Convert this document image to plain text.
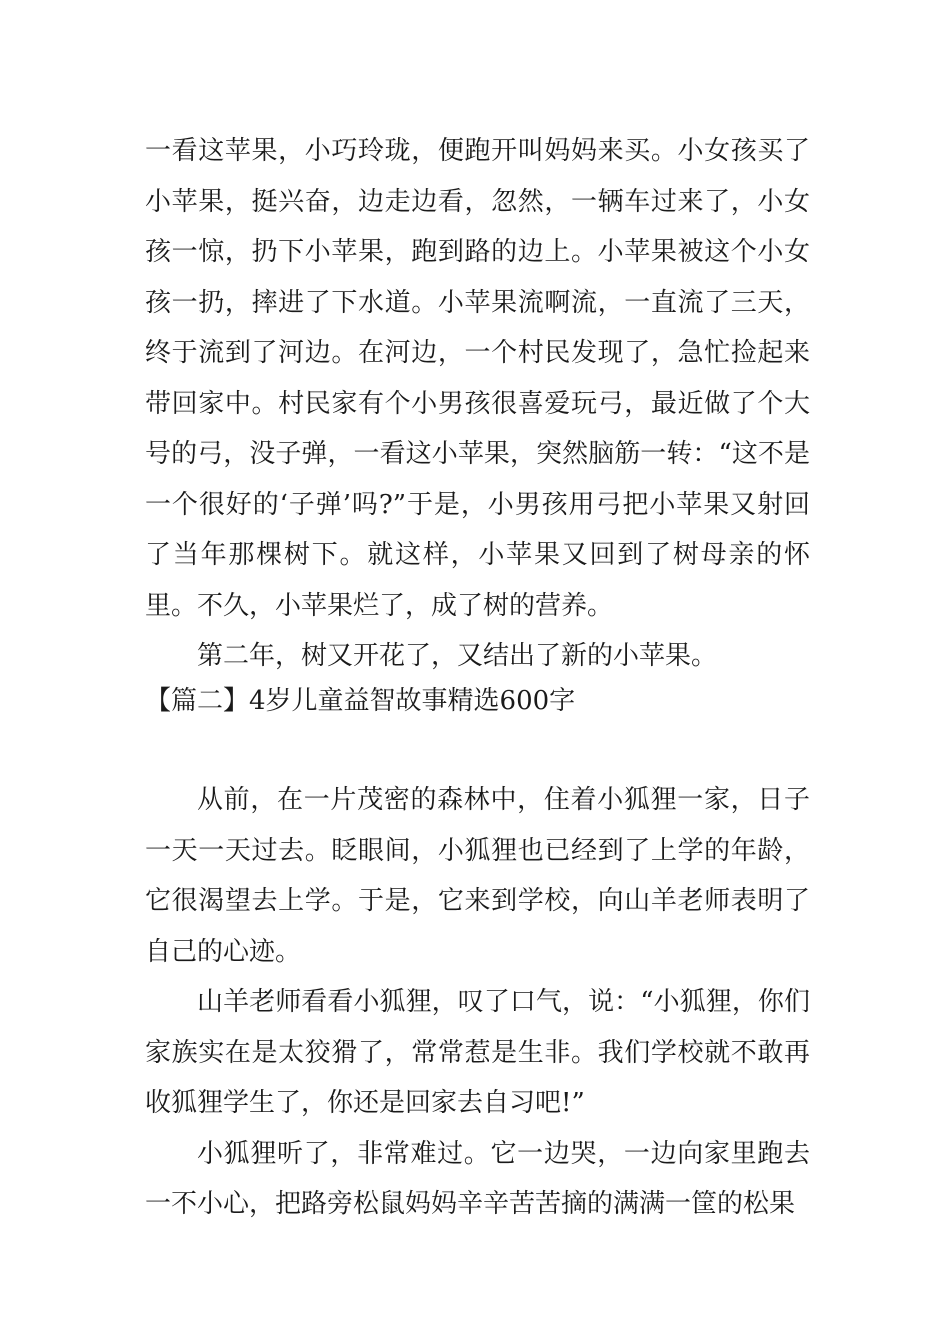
一看这苹果，小巧玲珑，便跑开叫妈妈来买。小女孩买了小苹果，挺兴奋，边走边看，忽然，一辆车过来了，小女孩一惊，扔下小苹果，跑到路的边上。小苹果被这个小女孩一扔，摔进了下水道。小苹果流啊流，一直流了三天，终于流到了河边。在河边，一个村民发现了，急忙捡起来带回家中。村民家有个小男孩很喜爱玩弓，最近做了个大号的弓，没子弹，一看这小苹果，突然脑筋一转：“这不是一个很好的‘子弹’吗?”于是，小男孩用弓把小苹果又射回了当年那棵树下。就这样，小苹果又回到了树母亲的怀里。不久，小苹果烂了，成了树的营养。

第二年，树又开花了，又结出了新的小苹果。

【篇二】4岁儿童益智故事精选600字

从前，在一片茂密的森林中，住着小狐狸一家，日子一天一天过去。眨眼间，小狐狸也已经到了上学的年龄，它很渴望去上学。于是，它来到学校，向山羊老师表明了自己的心迹。

山羊老师看看小狐狸，叹了口气，说：“小狐狸，你们家族实在是太狡猾了，常常惹是生非。我们学校就不敢再收狐狸学生了，你还是回家去自习吧!”

小狐狸听了，非常难过。它一边哭，一边向家里跑去一不小心，把路旁松鼠妈妈辛辛苦苦摘的满满一筐的松果
